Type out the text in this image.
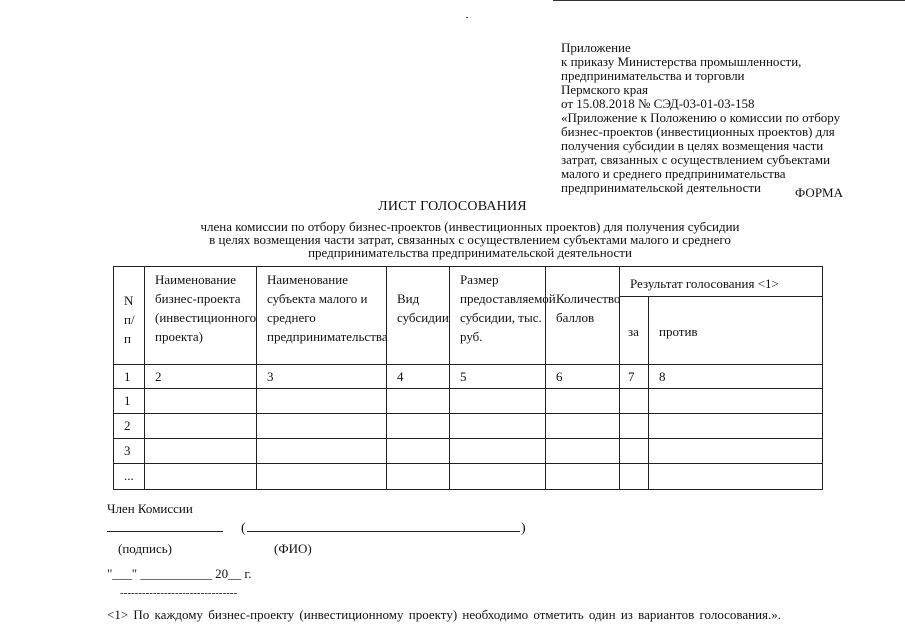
Приложение
к приказу Министерства промышленности,
предпринимательства и торговли
Пермского края
от 15.08.2018 № СЭД-03-01-03-158
«Приложение к Положению о комиссии по отбору
бизнес-проектов (инвестиционных проектов) для
получения субсидии в целях возмещения части
затрат, связанных с осуществлением субъектами
малого и среднего предпринимательства
предпринимательской деятельности	ФОРМА
ЛИСТ ГОЛОСОВАНИЯ
члена комиссии по отбору бизнес-проектов (инвестиционных проектов) для получения субсидии
в целях возмещения части затрат, связанных с осуществлением субъектами малого и среднего
предпринимательства предпринимательской деятельности
N п/п	Наименование бизнес-проекта (инвестиционного проекта)	Наименование субъекта малого и среднего предпринимательства	Вид субсидии	Размер предоставляемой субсидии, тыс. руб.	Количество баллов	Результат голосования <1>	
						за	против
1	2	3	4	5	6	7	8
1							
2							
3							
...							
Член Комиссии
(	)
(подпись)	(ФИО)
"___" ___________ 20__ г.
--------------------------------
<1> По каждому бизнес-проекту (инвестиционному проекту) необходимо отметить один из вариантов голосования.».
